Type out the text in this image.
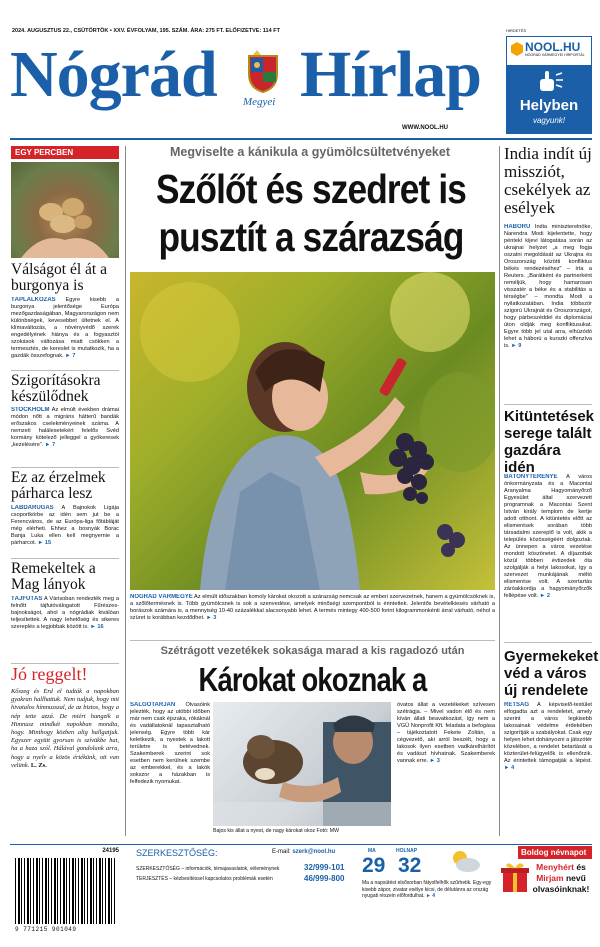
2024. AUGUSZTUS 22., CSÜTÖRTÖK • XXV. ÉVFOLYAM, 195. SZÁM. ÁRA: 275 FT. ELŐFIZETVE: 114 FT
Nógrád Megyei Hírlap
WWW.NOOL.HU
HIRDETÉS
NOOL.HU
NÓGRÁD VÁRMEGYEI HÍRPORTÁL
Helyben
vagyunk!
EGY PERCBEN
Válságot él át a burgonya is
TÁPLÁLKOZÁS Egyre kisebb a burgonya jelentősége Európa mezőgazdaságában, Magyarországon nem különbségek, kevesebbet ültetnek el. A klímaváltozás, a növényvédő szerek engedélyének hiánya és a fogyasztói szokások változása miatt csökken a termesztés, de kereslet is mutatkozik, ha a gazdák összefognak. ► 7
Szigorításokra készülődnek
STOCKHOLM Az elmúlt években drámai módon nőtt a migráns hátterű bandák erőszakos cselekményeinek száma. A nemzeti halálesetekért felelős Svéd kormány kötelező jelleggel a gyökeresek „kezelésére”. ► 7
Ez az érzelmek párharca lesz
LABDARÚGÁS A Bajnokok Ligája csoportkörbe az idén sem jut be a Ferencváros, de az Európa-liga főtábláját még elérheti. Ehhez a bosnyák Borac Banja Luka ellen kell megnyernie a párharcot. ► 15
Remekeltek a Mag lányok
TÁJFUTÁS A Várisoban rendezték meg a felnőtt tájfutóválogatott Fűrészes-bajnokságot, ahol a nógrádiak kiválóan teljesítettek. A nagy lehetőség és sikeres szereplés a legjobbak között is. ► 16
Jó reggelt!
Kőszeg és Érd el tudták a napokban gyakran hallhattuk. Nem tudjuk, hogy mit hivatalos hímnusszal, de az biztos, hogy a nép tette azzá. De miért hangzik a Himnusz mindkét napokban mondta, hogy. Minthogy közben alig hallgatjuk. Egyszer együtt gyorsan is szívükbe hat, ha a haza szól. Hálával gondolunk arra, hogy a nyelv a közös értékünk, ott van velünk. L. Zs.
Megviselte a kánikula a gyümölcsültetvényeket
Szőlőt és szedret is pusztít a szárazság
NÓGRÁD VÁRMEGYE Az elmúlt időszakban komoly károkat okozott a szárazság nemcsak az emberi szervezetnek, hanem a gyümölcsöknek is, a szőlőtermésnek is. Több gyümölcsnek is sok a szenvedése, amelyek minőségi szempontból is érintettek. Jelentős bevételkiesés várható a borászok számára is, a mennyiség 10-40 százalékkal alacsonyabb lehet. A termés mintegy 400-500 forint kilogrammonkénti árral várható, néhol a szüret is korábban kezdődhet. ► 3
Szétrágott vezetékek sokasága marad a kis ragadozó után
Károkat okoznak a
SALGÓTARJÁN Olvasóink jelezték, hogy az utóbbi időben már nem csak éjszaka, rókáknál és vadállatoknál tapasztalható jelenség. Egyre több kár keletkezik, a nyestek a lakott területre is betévednek. Szakemberek szerint sok esetben nem kerülnek szembe az emberekkel, és a lakók sokszor a házakban is felfedezik nyomukat.
Bajos kis állat a nyest, de nagy károkat okoz Fotó: MW
óvatos állat a vezetékeket szívesen szétrágja. – Mivel vadon élő és nem kíván állati beavatkozást, így nem a VGÜ Nonprofit Kft. feladata a befogása – tájékoztatott Fekete Zoltán, a cégvezető, aki arról beszélt, hogy a lakosok ilyen esetben vadkárelhárítót és vadászt hívhatnak. Szakemberek vannak erre. ► 3
India indít új missziót, csekélyek az esélyek
HÁBORÚ India miniszterelnöke, Narendra Modi kijelentette, hogy péntekí kijevi látogatása során az ukrajnai helyzet „a meg fogja oszatni megoldását az Ukrajna és Oroszország közötti konfliktus békés rendezéséhez” – írta a Reuters. „Barátként és partnerként reméljük, hogy hamarosan visszatér a béke és a stabilitás a térségbe” – mondta Modi a nyilatkozatában. India többször szigorú Ukrajnát és Oroszországot, hogy párbeszéddel és diplomáciai úton oldják meg konfliktusukat. Egyre több jel utal arra, elhúzódó lehet a háború a kurszki offenzíva is. ► 9
Kitüntetések serege talált gazdára idén
BÁTONYTERENYE A város önkormányzata és a Macontai Aranyalma Hagyományőrző Egyesület által szervezett programnak a Macontai Szent István király templom de kertje adott otthont. A kitüntetés előtt az elismerések sorában több társadalmi szereplő is volt, akik a település közösségéért dolgoztak. Az ünnepen a város vezetése mondott köszönetet. A díjazottak közül többen évtizedek óta szolgálják a helyi lakosokat, így a szervezet munkájának méltó elismerése volt. A szertartás záróakkordja a hagyományőrzők fellépése volt. ► 2
Gyermekeket véd a város új rendelete
RÉTSÁG A képviselő-testület elfogadta azt a rendeletet, amely szerint a város legkisebb lakosainak védelme érdekében szigorítják a szabályokat. Csak egy helyen lehet dohányozni a játszótér közelében, a rendelet betartását a közterület-felügyelők is ellenőrzik. Az érintettek támogatják a lépést. ► 4
24195
9 771215 901049
SZERKESZTŐSÉG:	E-mail: szerk@nool.hu
SZERKESZTŐSÉG – információk, témajavaslatok, véleménynek
TERJESZTÉS – kézbesítéssel kapcsolatos problémák esetén
32/999-101
46/999-800
MA
29
HOLNAP
32
Ma a napsütést elsősorban fátyolfelhők szűrhetik. Egy-egy kisebb zápor, zivatar esélye kicsi, de délutánra az ország nyugati részein előfordulhat. ► 4
Boldog névnapot
Menyhért és Mirjam nevű olvasóinknak!
